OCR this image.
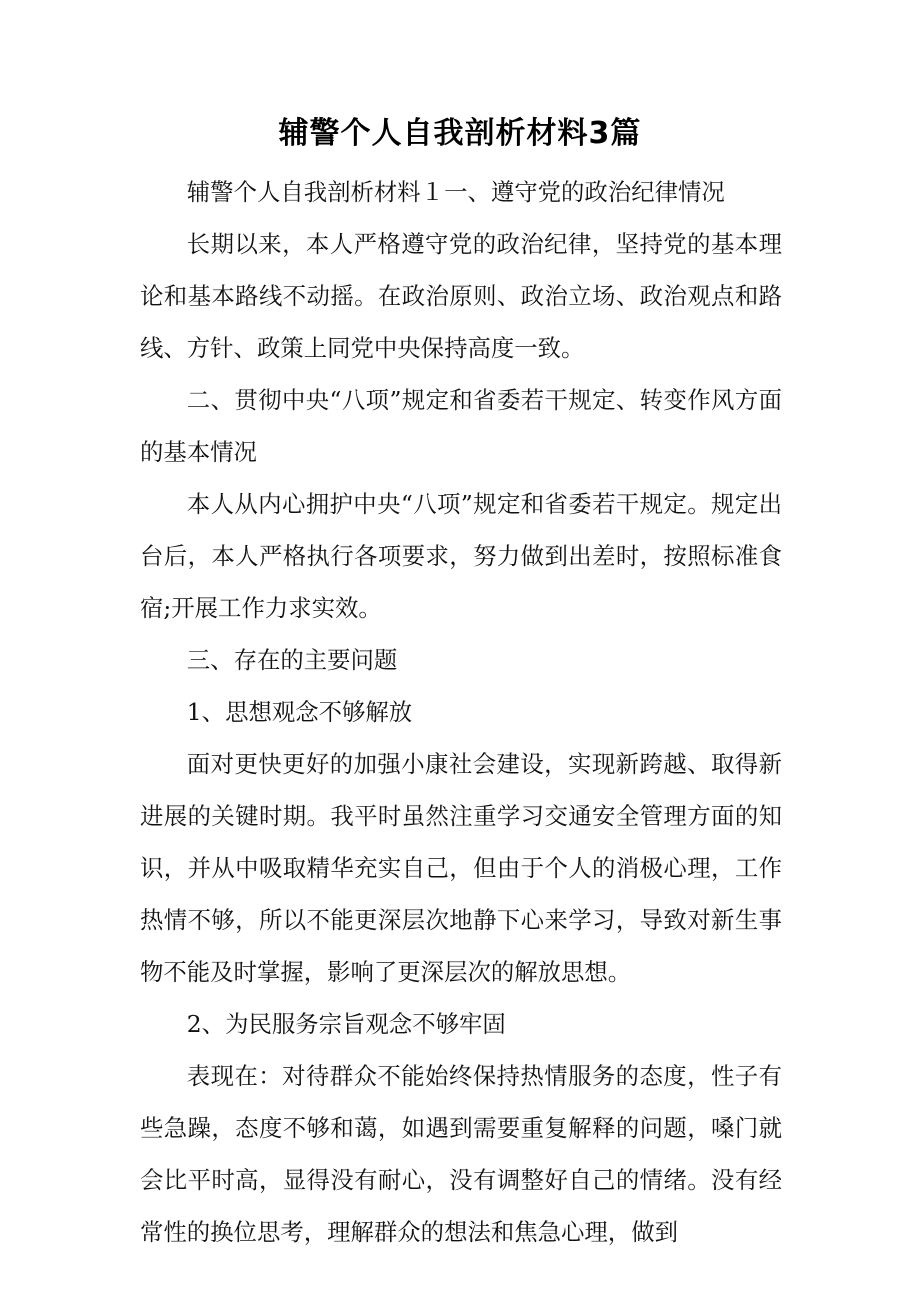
辅警个人自我剖析材料3篇

辅警个人自我剖析材料１一、遵守党的政治纪律情况

长期以来，本人严格遵守党的政治纪律，坚持党的基本理论和基本路线不动摇。在政治原则、政治立场、政治观点和路线、方针、政策上同党中央保持高度一致。

二、贯彻中央“八项”规定和省委若干规定、转变作风方面的基本情况

本人从内心拥护中央“八项”规定和省委若干规定。规定出台后，本人严格执行各项要求，努力做到出差时，按照标准食宿;开展工作力求实效。

三、存在的主要问题

1、思想观念不够解放

面对更快更好的加强小康社会建设，实现新跨越、取得新进展的关键时期。我平时虽然注重学习交通安全管理方面的知识，并从中吸取精华充实自己，但由于个人的消极心理，工作热情不够，所以不能更深层次地静下心来学习，导致对新生事物不能及时掌握，影响了更深层次的解放思想。

2、为民服务宗旨观念不够牢固

表现在：对待群众不能始终保持热情服务的态度，性子有些急躁，态度不够和蔼，如遇到需要重复解释的问题，嗓门就会比平时高，显得没有耐心，没有调整好自己的情绪。没有经常性的换位思考，理解群众的想法和焦急心理，做到
